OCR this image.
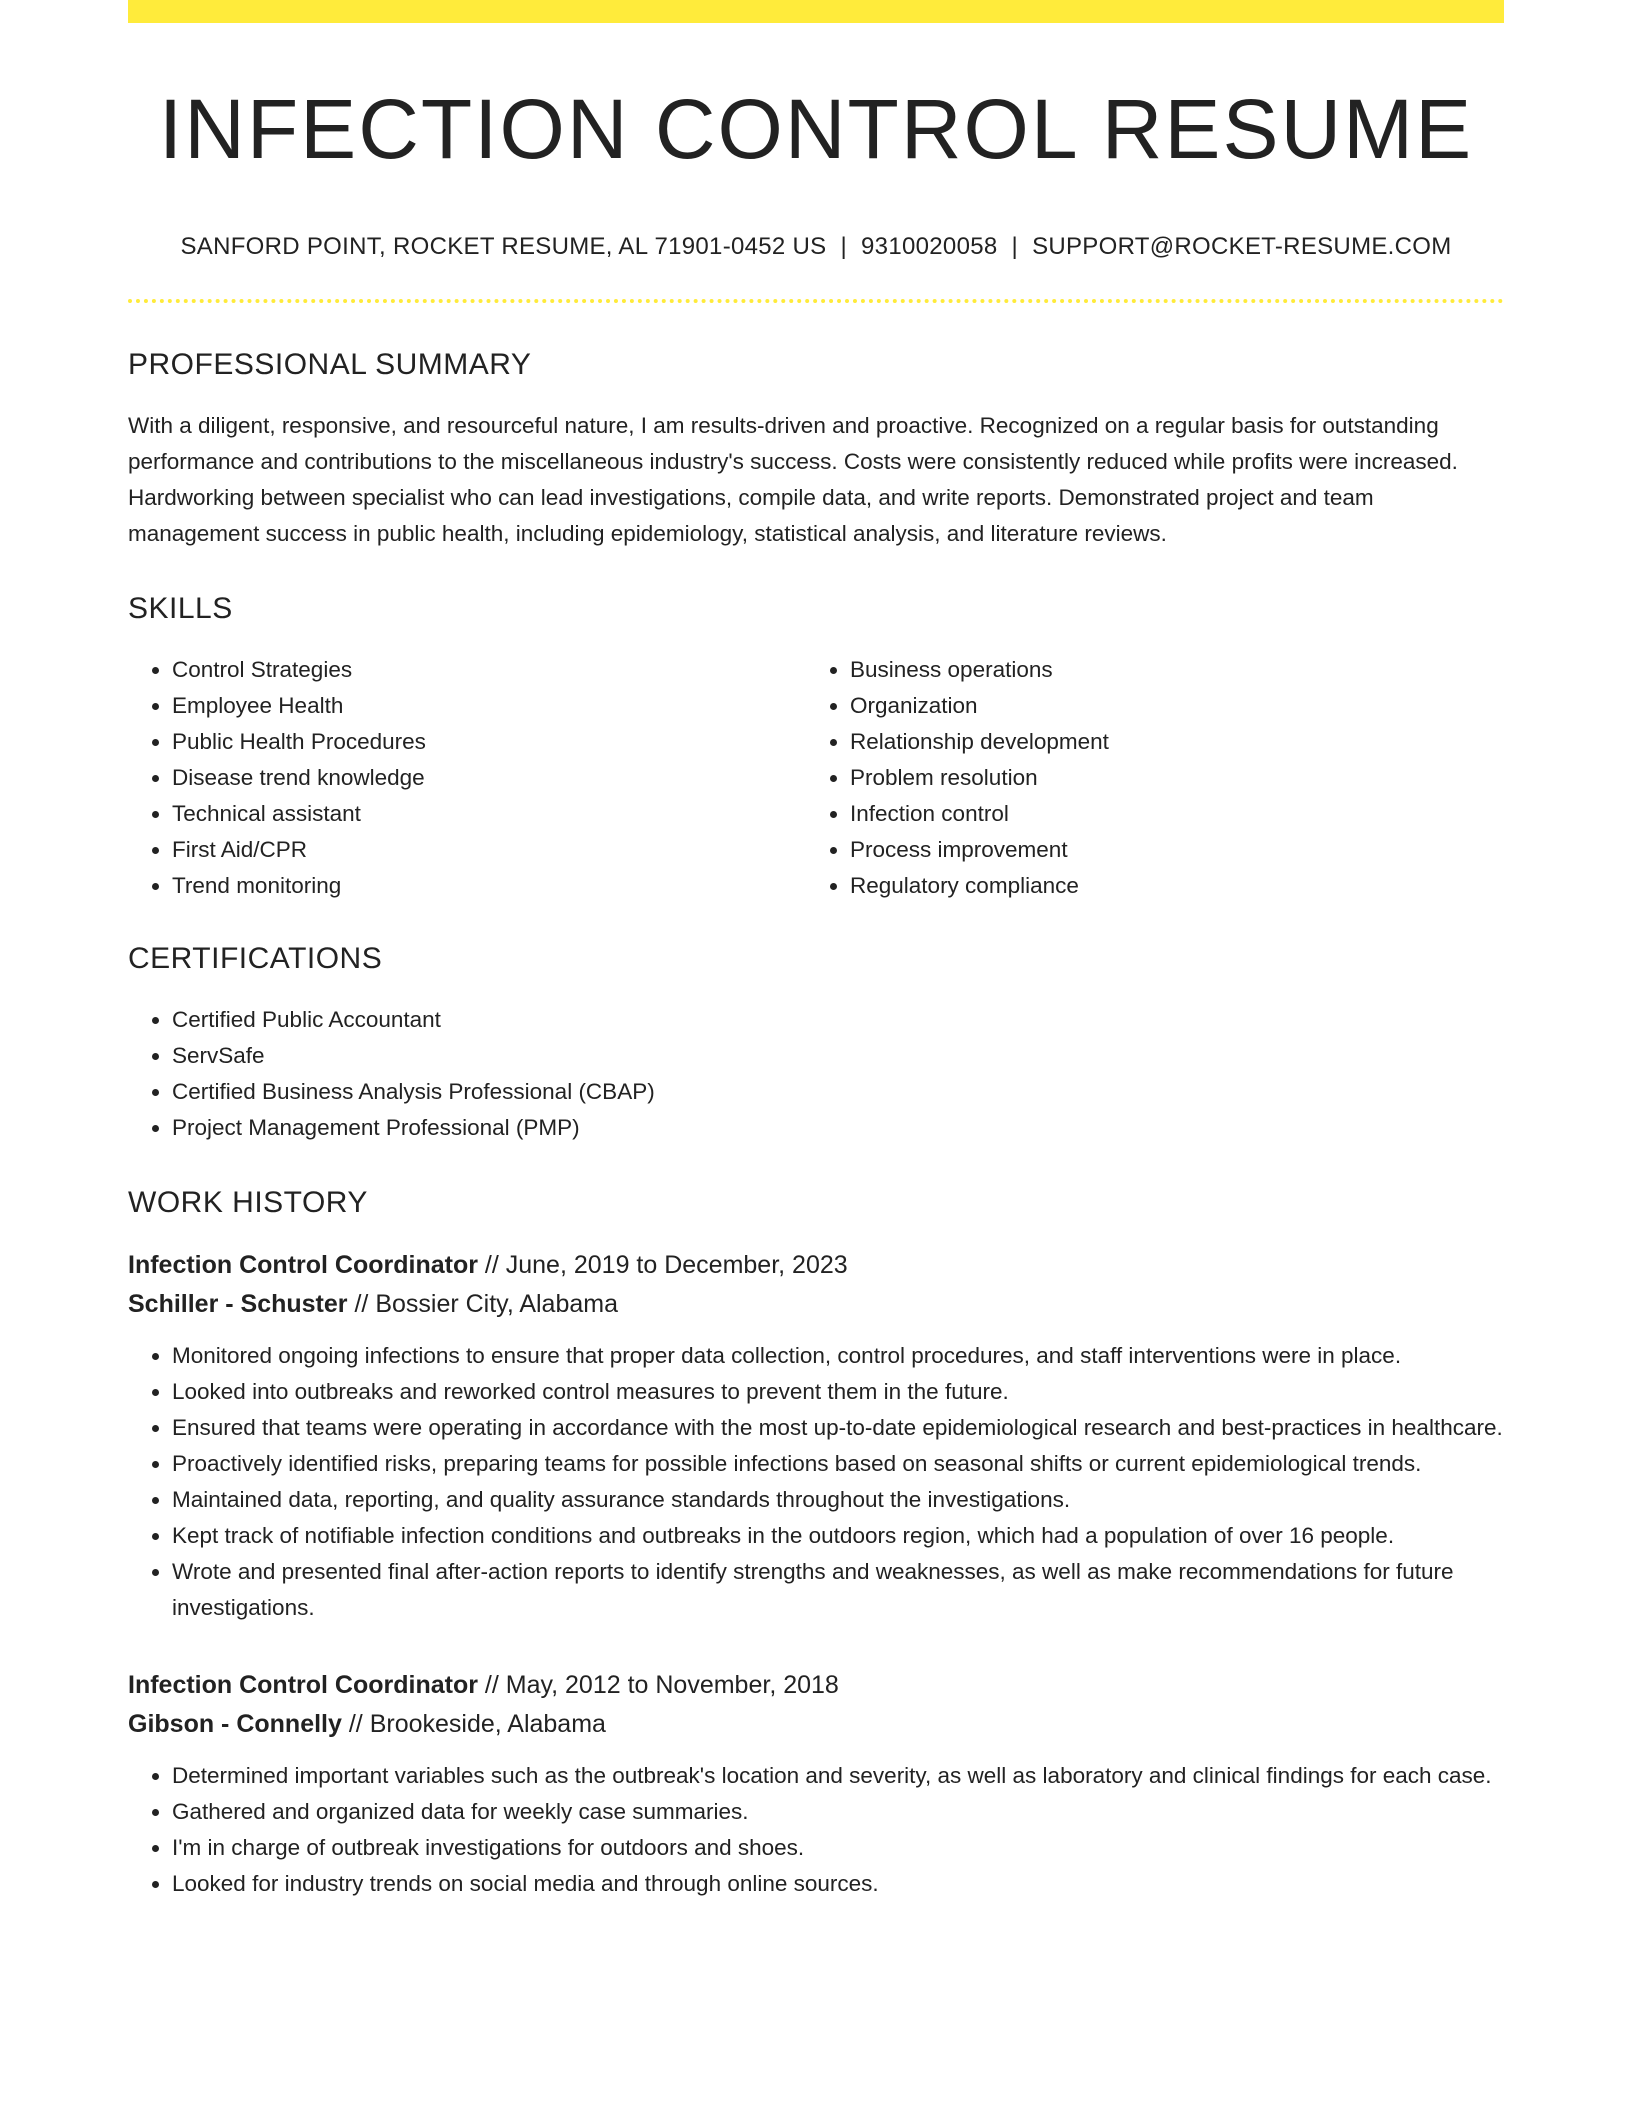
INFECTION CONTROL RESUME
SANFORD POINT, ROCKET RESUME, AL 71901-0452 US | 9310020058 | SUPPORT@ROCKET-RESUME.COM
PROFESSIONAL SUMMARY
With a diligent, responsive, and resourceful nature, I am results-driven and proactive. Recognized on a regular basis for outstanding performance and contributions to the miscellaneous industry's success. Costs were consistently reduced while profits were increased. Hardworking between specialist who can lead investigations, compile data, and write reports. Demonstrated project and team management success in public health, including epidemiology, statistical analysis, and literature reviews.
SKILLS
• Control Strategies
• Employee Health
• Public Health Procedures
• Disease trend knowledge
• Technical assistant
• First Aid/CPR
• Trend monitoring
• Business operations
• Organization
• Relationship development
• Problem resolution
• Infection control
• Process improvement
• Regulatory compliance
CERTIFICATIONS
• Certified Public Accountant
• ServSafe
• Certified Business Analysis Professional (CBAP)
• Project Management Professional (PMP)
WORK HISTORY
Infection Control Coordinator // June, 2019 to December, 2023
Schiller - Schuster // Bossier City, Alabama
• Monitored ongoing infections to ensure that proper data collection, control procedures, and staff interventions were in place.
• Looked into outbreaks and reworked control measures to prevent them in the future.
• Ensured that teams were operating in accordance with the most up-to-date epidemiological research and best-practices in healthcare.
• Proactively identified risks, preparing teams for possible infections based on seasonal shifts or current epidemiological trends.
• Maintained data, reporting, and quality assurance standards throughout the investigations.
• Kept track of notifiable infection conditions and outbreaks in the outdoors region, which had a population of over 16 people.
• Wrote and presented final after-action reports to identify strengths and weaknesses, as well as make recommendations for future investigations.
Infection Control Coordinator // May, 2012 to November, 2018
Gibson - Connelly // Brookeside, Alabama
• Determined important variables such as the outbreak's location and severity, as well as laboratory and clinical findings for each case.
• Gathered and organized data for weekly case summaries.
• I'm in charge of outbreak investigations for outdoors and shoes.
• Looked for industry trends on social media and through online sources.
